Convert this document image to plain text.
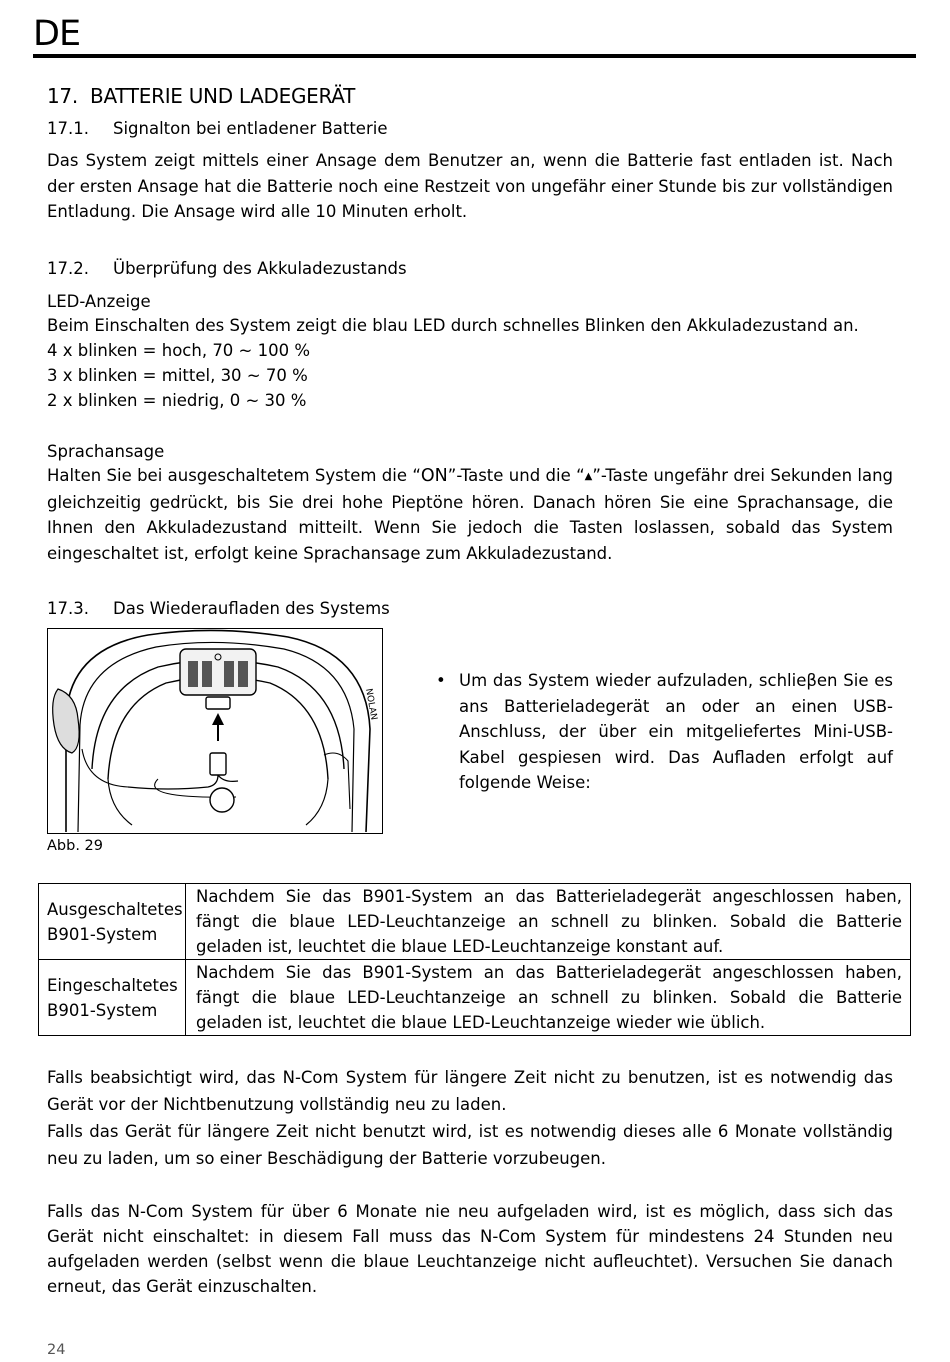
DE
17. BATTERIE UND LADEGERÄT
17.1. Signalton bei entladener Batterie
Das System zeigt mittels einer Ansage dem Benutzer an, wenn die Batterie fast entladen ist. Nach der ersten Ansage hat die Batterie noch eine Restzeit von ungefähr einer Stunde bis zur vollständigen Entladung. Die Ansage wird alle 10 Minuten erholt.
17.2. Überprüfung des Akkuladezustands
LED-Anzeige
Beim Einschalten des System zeigt die blau LED durch schnelles Blinken den Akkuladezustand an.
4 x blinken = hoch, 70 ~ 100 %
3 x blinken = mittel, 30 ~ 70 %
2 x blinken = niedrig, 0 ~ 30 %
Sprachansage
Halten Sie bei ausgeschaltetem System die “ON”-Taste und die “▲”-Taste ungefähr drei Sekunden lang gleichzeitig gedrückt, bis Sie drei hohe Pieptöne hören. Danach hören Sie eine Sprachansage, die Ihnen den Akkuladezustand mitteilt. Wenn Sie jedoch die Tasten loslassen, sobald das System eingeschaltet ist, erfolgt keine Sprachansage zum Akkuladezustand.
17.3. Das Wiederaufladen des Systems
NOLAN
Abb. 29
• Um das System wieder aufzuladen, schlieβen Sie es ans Batterieladegerät an oder an einen USB-Anschluss, der über ein mitgeliefertes Mini-USB-Kabel gespiesen wird. Das Aufladen erfolgt auf folgende Weise:
Ausgeschaltetes
B901-System	Nachdem Sie das B901-System an das Batterieladegerät angeschlossen haben, fängt die blaue LED-Leuchtanzeige an schnell zu blinken. Sobald die Batterie geladen ist, leuchtet die blaue LED-Leuchtanzeige konstant auf.
Eingeschaltetes
B901-System	Nachdem Sie das B901-System an das Batterieladegerät angeschlossen haben, fängt die blaue LED-Leuchtanzeige an schnell zu blinken. Sobald die Batterie geladen ist, leuchtet die blaue LED-Leuchtanzeige wieder wie üblich.
Falls beabsichtigt wird, das N-Com System für längere Zeit nicht zu benutzen, ist es notwendig das Gerät vor der Nichtbenutzung vollständig neu zu laden.
Falls das Gerät für längere Zeit nicht benutzt wird, ist es notwendig dieses alle 6 Monate vollständig neu zu laden, um so einer Beschädigung der Batterie vorzubeugen.
Falls das N-Com System für über 6 Monate nie neu aufgeladen wird, ist es möglich, dass sich das Gerät nicht einschaltet: in diesem Fall muss das N-Com System für mindestens 24 Stunden neu aufgeladen werden (selbst wenn die blaue Leuchtanzeige nicht aufleuchtet). Versuchen Sie danach erneut, das Gerät einzuschalten.
24
